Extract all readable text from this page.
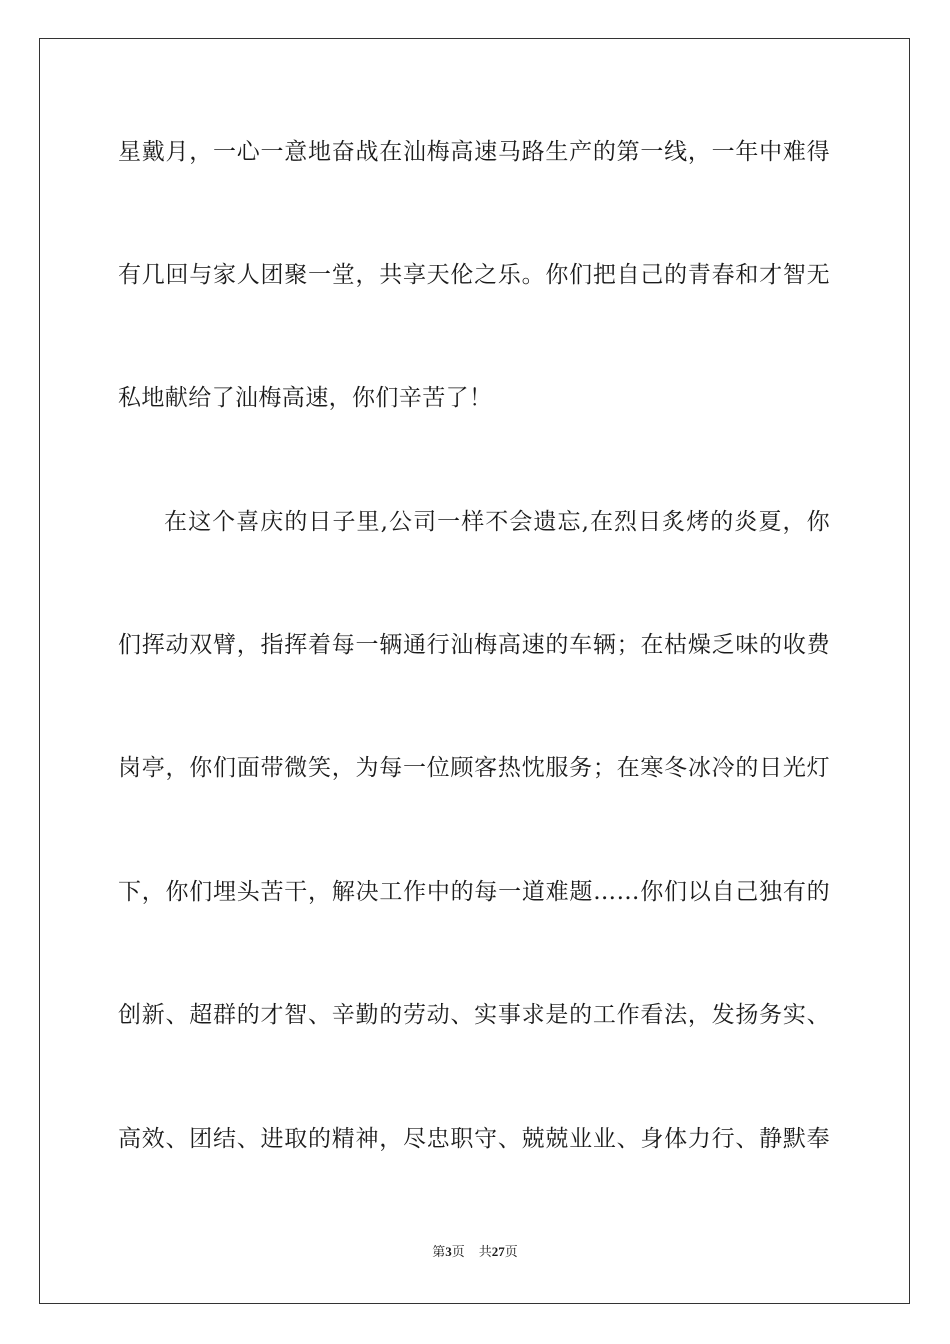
星戴月，一心一意地奋战在汕梅高速马路生产的第一线，一年中难得
有几回与家人团聚一堂，共享天伦之乐。你们把自己的青春和才智无
私地献给了汕梅高速，你们辛苦了！
在这个喜庆的日子里,公司一样不会遗忘,在烈日炙烤的炎夏，你
们挥动双臂，指挥着每一辆通行汕梅高速的车辆；在枯燥乏味的收费
岗亭，你们面带微笑，为每一位顾客热忱服务；在寒冬冰冷的日光灯
下，你们埋头苦干，解决工作中的每一道难题……你们以自己独有的
创新、超群的才智、辛勤的劳动、实事求是的工作看法，发扬务实、
高效、团结、进取的精神，尽忠职守、兢兢业业、身体力行、静默奉
第3页 共27页
